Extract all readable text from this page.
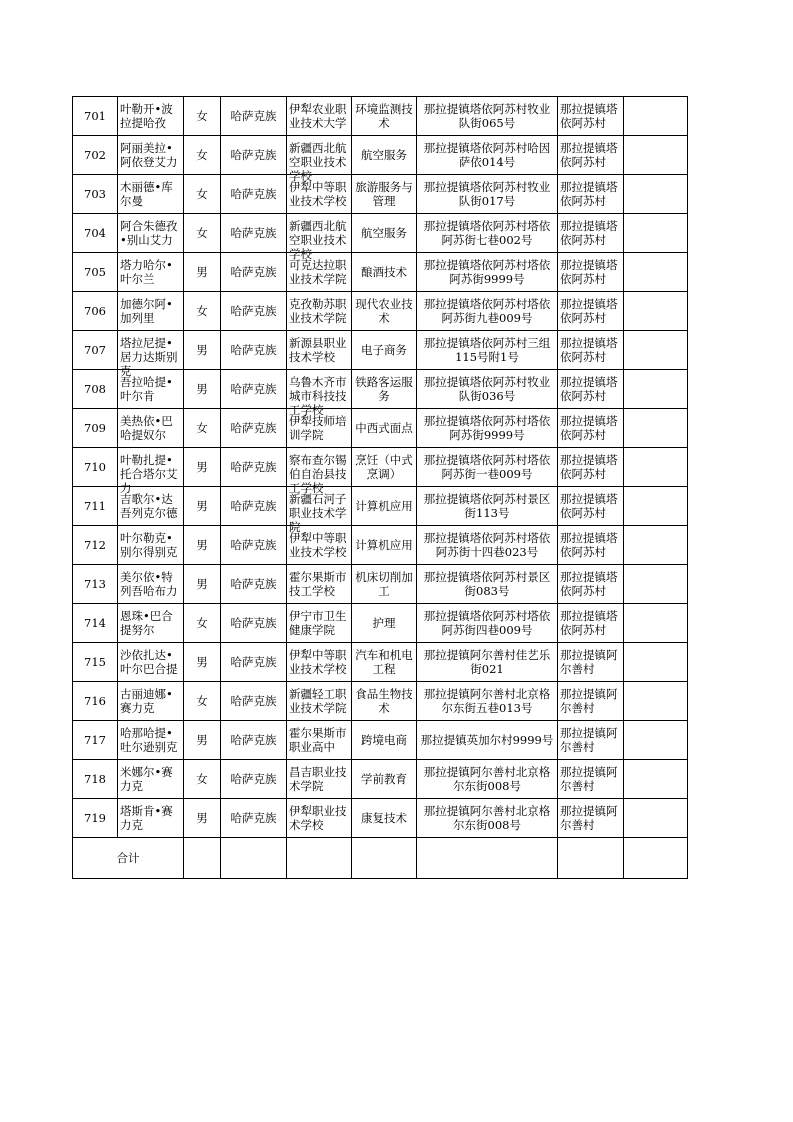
701	叶勒开•波拉提哈孜	女	哈萨克族	伊犁农业职业技术大学	环境监测技术	那拉提镇塔依阿苏村牧业队街065号	那拉提镇塔依阿苏村	

702	阿丽美拉•阿依登艾力	女	哈萨克族	新疆西北航空职业技术学校	航空服务	那拉提镇塔依阿苏村哈因萨依014号	那拉提镇塔依阿苏村	

703	木丽德•库尔曼	女	哈萨克族	伊犁中等职业技术学校	旅游服务与管理	那拉提镇塔依阿苏村牧业队街017号	那拉提镇塔依阿苏村	

704	阿合朱德孜•别山艾力	女	哈萨克族	新疆西北航空职业技术学校	航空服务	那拉提镇塔依阿苏村塔依阿苏街七巷002号	那拉提镇塔依阿苏村	

705	塔力哈尔•叶尔兰	男	哈萨克族	可克达拉职业技术学院	酿酒技术	那拉提镇塔依阿苏村塔依阿苏街9999号	那拉提镇塔依阿苏村	

706	加德尔阿•加列里	女	哈萨克族	克孜勒苏职业技术学院	现代农业技术	那拉提镇塔依阿苏村塔依阿苏街九巷009号	那拉提镇塔依阿苏村	

707	塔拉尼提•居力达斯别克	男	哈萨克族	新源县职业技术学校	电子商务	那拉提镇塔依阿苏村三组115号附1号	那拉提镇塔依阿苏村	

708	吾拉哈提•叶尔肯	男	哈萨克族	乌鲁木齐市城市科技技工学校	铁路客运服务	那拉提镇塔依阿苏村牧业队街036号	那拉提镇塔依阿苏村	

709	美热依•巴哈提奴尔	女	哈萨克族	伊犁技师培训学院	中西式面点	那拉提镇塔依阿苏村塔依阿苏街9999号	那拉提镇塔依阿苏村	

710	叶勒扎提•托合塔尔艾力	男	哈萨克族	察布查尔锡伯自治县技工学校	烹饪（中式烹调）	那拉提镇塔依阿苏村塔依阿苏街一巷009号	那拉提镇塔依阿苏村	

711	吉歌尔•达吾列克尔德	男	哈萨克族	新疆石河子职业技术学院	计算机应用	那拉提镇塔依阿苏村景区街113号	那拉提镇塔依阿苏村	

712	叶尔勒克•别尔得别克	男	哈萨克族	伊犁中等职业技术学校	计算机应用	那拉提镇塔依阿苏村塔依阿苏街十四巷023号	那拉提镇塔依阿苏村	

713	美尔依•特列吾哈布力	男	哈萨克族	霍尔果斯市技工学校	机床切削加工	那拉提镇塔依阿苏村景区街083号	那拉提镇塔依阿苏村	

714	恩珠•巴合提努尔	女	哈萨克族	伊宁市卫生健康学院	护理	那拉提镇塔依阿苏村塔依阿苏街四巷009号	那拉提镇塔依阿苏村	

715	沙依扎达•叶尔巴合提	男	哈萨克族	伊犁中等职业技术学校	汽车和机电工程	那拉提镇阿尔善村佳艺乐街021	那拉提镇阿尔善村	

716	古丽迪娜•赛力克	女	哈萨克族	新疆轻工职业技术学院	食品生物技术	那拉提镇阿尔善村北京格尔东街五巷013号	那拉提镇阿尔善村	

717	哈那哈提•吐尔逊别克	男	哈萨克族	霍尔果斯市职业高中	跨境电商	那拉提镇英加尔村9999号	那拉提镇阿尔善村	

718	米娜尔•赛力克	女	哈萨克族	昌吉职业技术学院	学前教育	那拉提镇阿尔善村北京格尔东街008号	那拉提镇阿尔善村	

719	塔斯肯•赛力克	男	哈萨克族	伊犁职业技术学校	康复技术	那拉提镇阿尔善村北京格尔东街008号	那拉提镇阿尔善村	

合计								
